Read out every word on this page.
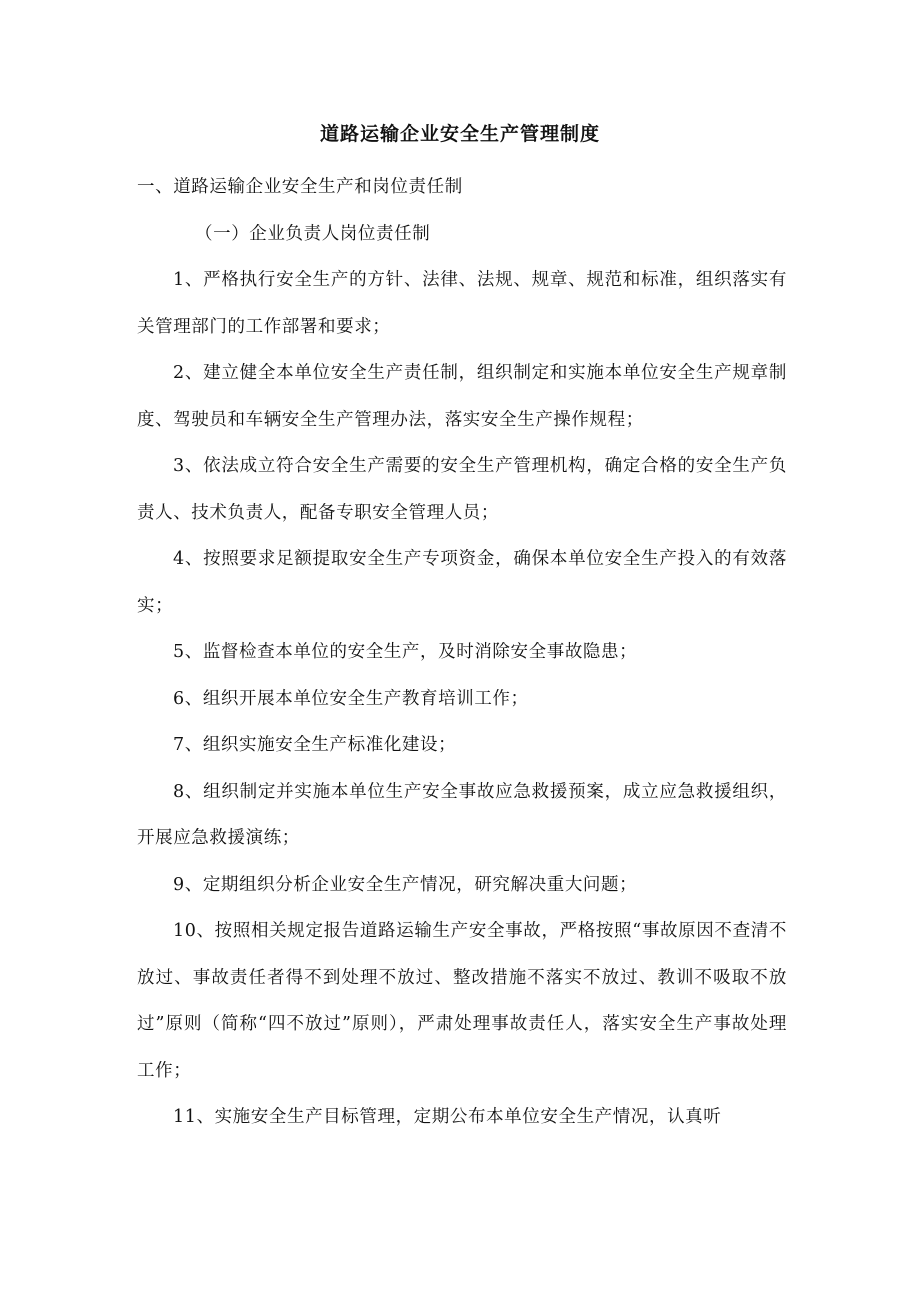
道路运输企业安全生产管理制度

一、道路运输企业安全生产和岗位责任制

（一）企业负责人岗位责任制

1、严格执行安全生产的方针、法律、法规、规章、规范和标准，组织落实有关管理部门的工作部署和要求；

2、建立健全本单位安全生产责任制，组织制定和实施本单位安全生产规章制度、驾驶员和车辆安全生产管理办法，落实安全生产操作规程；

3、依法成立符合安全生产需要的安全生产管理机构，确定合格的安全生产负责人、技术负责人，配备专职安全管理人员；

4、按照要求足额提取安全生产专项资金，确保本单位安全生产投入的有效落实；

5、监督检查本单位的安全生产，及时消除安全事故隐患；

6、组织开展本单位安全生产教育培训工作；

7、组织实施安全生产标准化建设；

8、组织制定并实施本单位生产安全事故应急救援预案，成立应急救援组织，开展应急救援演练；

9、定期组织分析企业安全生产情况，研究解决重大问题；

10、按照相关规定报告道路运输生产安全事故，严格按照“事故原因不查清不放过、事故责任者得不到处理不放过、整改措施不落实不放过、教训不吸取不放过”原则（简称“四不放过”原则），严肃处理事故责任人，落实安全生产事故处理工作；

11、实施安全生产目标管理，定期公布本单位安全生产情况，认真听
